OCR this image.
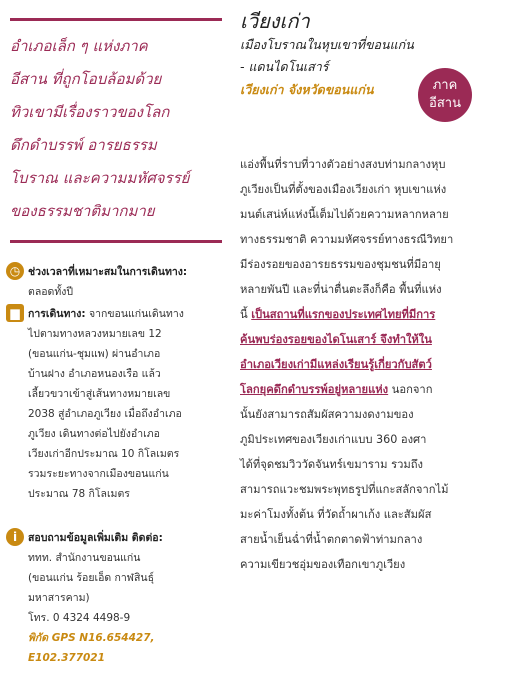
อำเภอเล็ก ๆ แห่งภาค
อีสาน ที่ถูกโอบล้อมด้วย
ทิวเขามีเรื่องราวของโลก
ดึกดำบรรพ์ อารยธรรม
โบราณ และความมหัศจรรย์
ของธรรมชาติมากมาย
◷ ช่วงเวลาที่เหมาะสมในการเดินทาง:
ตลอดทั้งปี
▆ การเดินทาง: จากขอนแก่นเดินทาง
ไปตามทางหลวงหมายเลข 12
(ขอนแก่น-ชุมแพ) ผ่านอำเภอ
บ้านฝาง อำเภอหนองเรือ แล้ว
เลี้ยวขวาเข้าสู่เส้นทางหมายเลข
2038 สู่อำเภอภูเวียง เมื่อถึงอำเภอ
ภูเวียง เดินทางต่อไปยังอำเภอ
เวียงเก่าอีกประมาณ 10 กิโลเมตร
รวมระยะทางจากเมืองขอนแก่น
ประมาณ 78 กิโลเมตร
i	สอบถามข้อมูลเพิ่มเติม ติดต่อ:
ททท. สำนักงานขอนแก่น
(ขอนแก่น ร้อยเอ็ด กาฬสินธุ์
มหาสารคาม)
โทร. 0 4324 4498-9
พิกัด GPS N16.654427,
E102.377021
เวียงเก่า
เมืองโบราณในหุบเขาที่ขอนแก่น
- แดนไดโนเสาร์
เวียงเก่า จังหวัดขอนแก่น	ภาค
อีสาน
แอ่งพื้นที่ราบที่วางตัวอย่างสงบท่ามกลางหุบ
ภูเวียงเป็นที่ตั้งของเมืองเวียงเก่า หุบเขาแห่ง
มนต์เสน่ห์แห่งนี้เต็มไปด้วยความหลากหลาย
ทางธรรมชาติ ความมหัศจรรย์ทางธรณีวิทยา
มีร่องรอยของอารยธรรมของชุมชนที่มีอายุ
หลายพันปี และที่น่าตื่นตะลึงก็คือ พื้นที่แห่ง
นี้ เป็นสถานที่แรกของประเทศไทยที่มีการ
ค้นพบร่องรอยของไดโนเสาร์ จึงทำให้ใน
อำเภอเวียงเก่ามีแหล่งเรียนรู้เกี่ยวกับสัตว์
โลกยุคดึกดำบรรพ์อยู่หลายแห่ง นอกจาก
นั้นยังสามารถสัมผัสความงดงามของ
ภูมิประเทศของเวียงเก่าแบบ 360 องศา
ได้ที่จุดชมวิววัดจันทร์เขมาราม รวมถึง
สามารถแวะชมพระพุทธรูปที่แกะสลักจากไม้
มะค่าโมงทั้งต้น ที่วัดถ้ำผาเก้ง และสัมผัส
สายน้ำเย็นฉ่ำที่น้ำตกตาดฟ้าท่ามกลาง
ความเขียวชอุ่มของเทือกเขาภูเวียง
